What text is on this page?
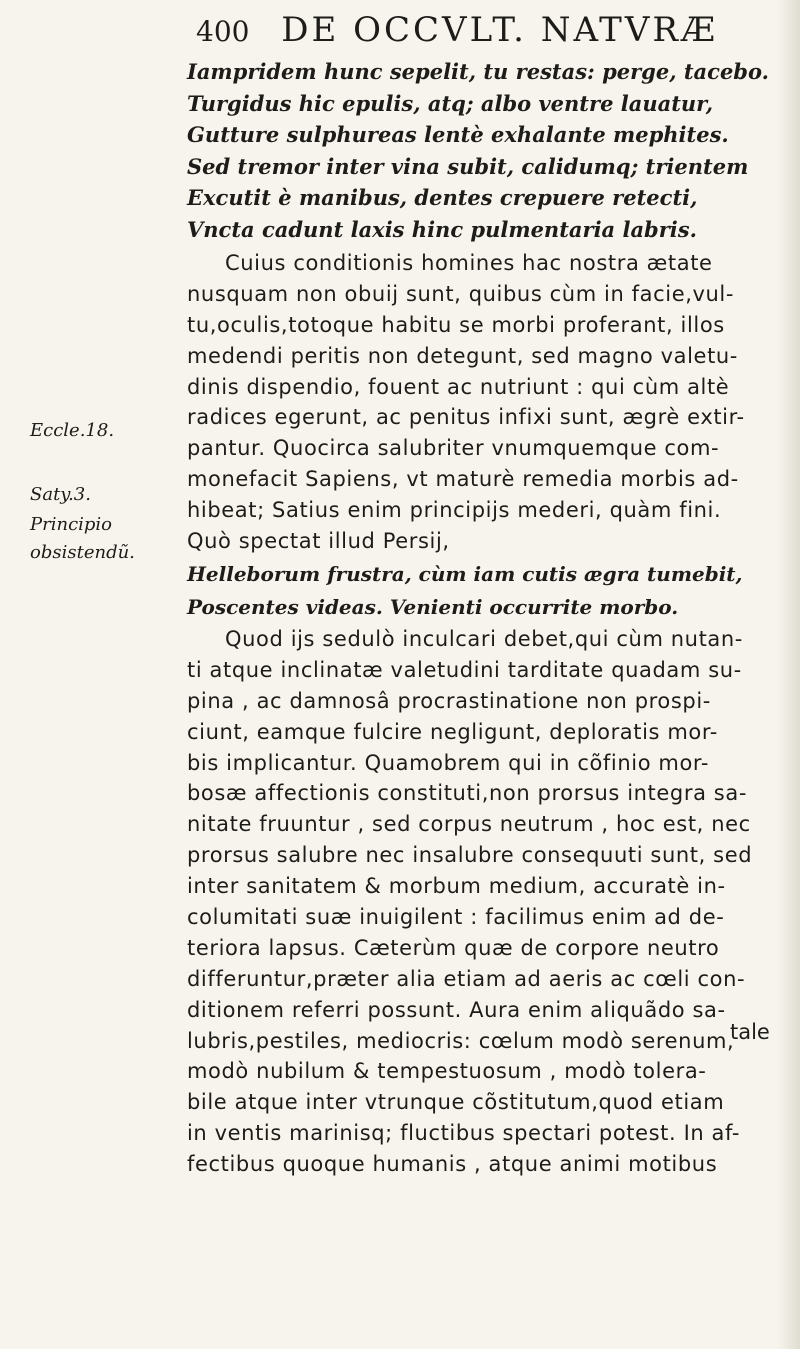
400 DE OCCVLT. NATVRÆ
Iampridem hunc sepelit, tu restas: perge, tacebo.
Turgidus hic epulis, atq; albo ventre lauatur,
Gutture sulphureas lentè exhalante mephites.
Sed tremor inter vina subit, calidumq; trientem
Excutit è manibus, dentes crepuere retecti,
Vncta cadunt laxis hinc pulmentaria labris.
Cuius conditionis homines hac nostra ætate
nusquam non obuij sunt, quibus cùm in facie,vul-
tu,oculis,totoque habitu se morbi proferant, illos
medendi peritis non detegunt, sed magno valetu-
dinis dispendio, fouent ac nutriunt : qui cùm altè
radices egerunt, ac penitus infixi sunt, ægrè extir-
pantur. Quocirca salubriter vnumquemque com-
monefacit Sapiens, vt maturè remedia morbis ad-
hibeat; Satius enim principijs mederi, quàm fini.
Quò spectat illud Persij,
Helleborum frustra, cùm iam cutis ægra tumebit,
Poscentes videas. Venienti occurrite morbo.
Quod ijs sedulò inculcari debet,qui cùm nutan-
ti atque inclinatæ valetudini tarditate quadam su-
pina , ac damnosâ procrastinatione non prospi-
ciunt, eamque fulcire negligunt, deploratis mor-
bis implicantur. Quamobrem qui in cõfinio mor-
bosæ affectionis constituti,non prorsus integra sa-
nitate fruuntur , sed corpus neutrum , hoc est, nec
prorsus salubre nec insalubre consequuti sunt, sed
inter sanitatem & morbum medium, accuratè in-
columitati suæ inuigilent : facilimus enim ad de-
teriora lapsus. Cæterùm quæ de corpore neutro
differuntur,præter alia etiam ad aeris ac cœli con-
ditionem referri possunt. Aura enim aliquãdo sa-
lubris,pestiles, mediocris: cœlum modò serenum,
modò nubilum & tempestuosum , modò tolera-
bile atque inter vtrunque cõstitutum,quod etiam
in ventis marinisq; fluctibus spectari potest. In af-
fectibus quoque humanis , atque animi motibus
tale
Eccle.18.
Saty.3.
Principio
obsistendũ.
